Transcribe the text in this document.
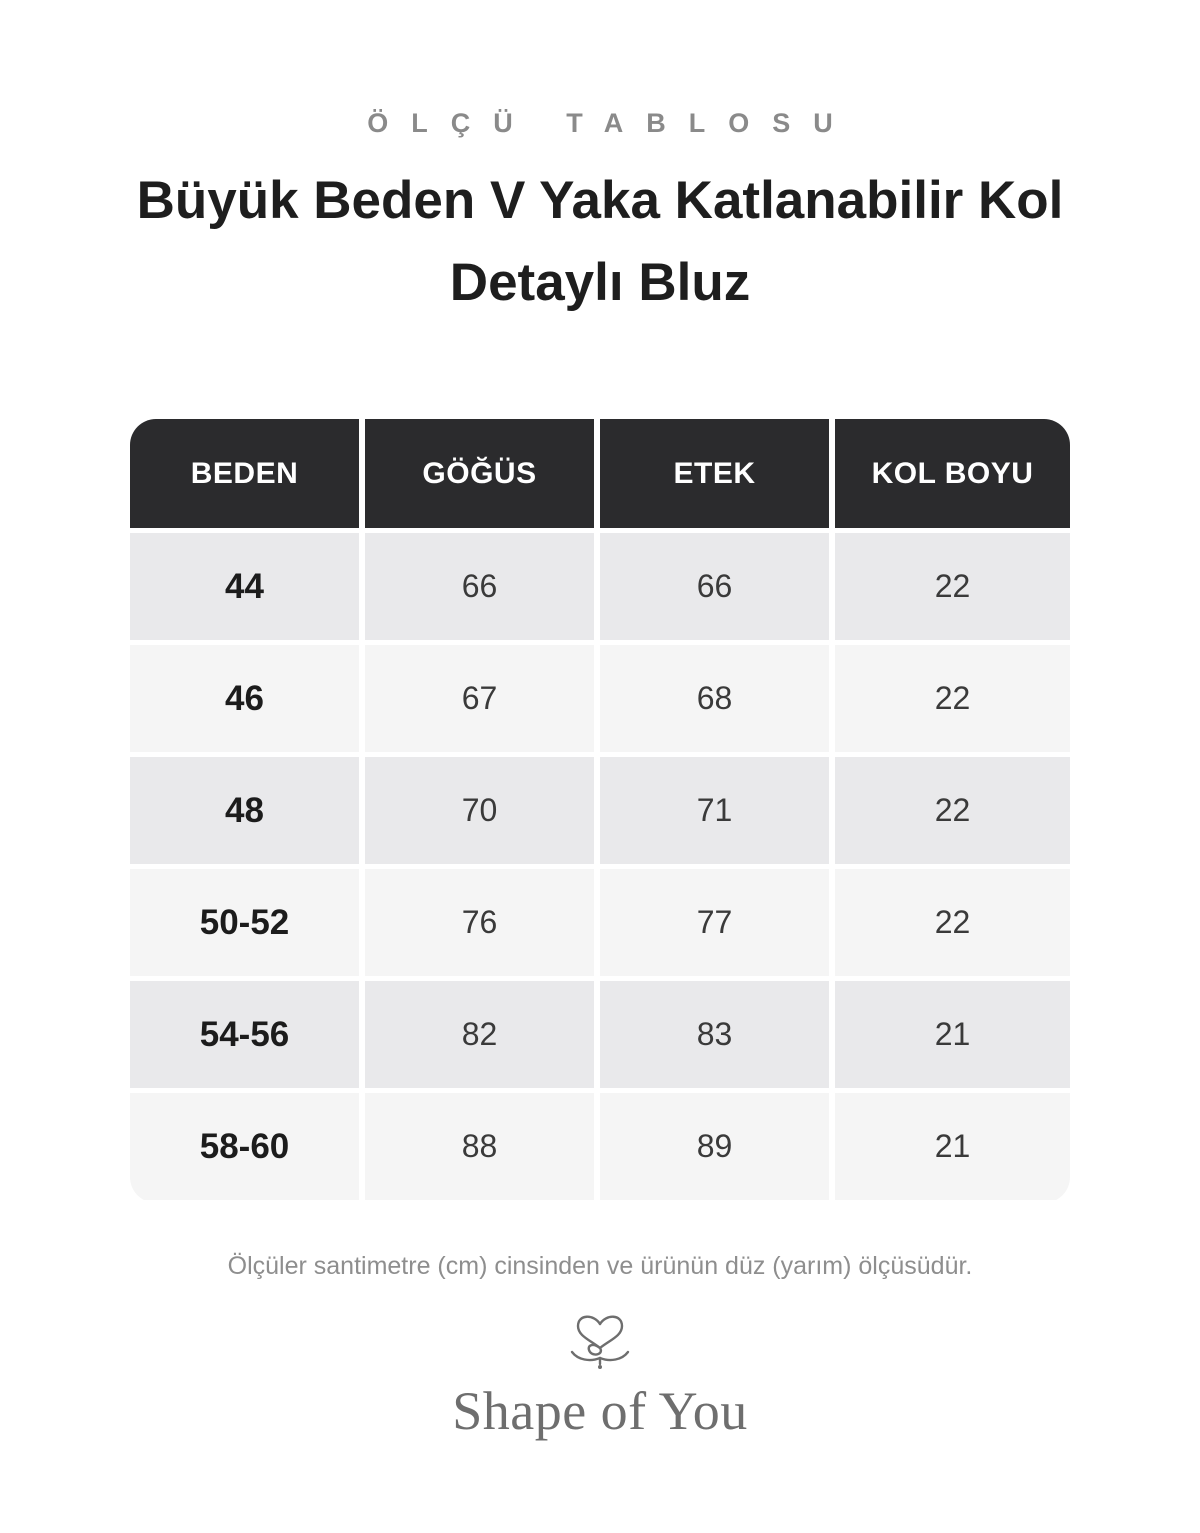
ÖLÇÜ TABLOSU
Büyük Beden V Yaka Katlanabilir Kol Detaylı Bluz
BEDEN	GÖĞÜS	ETEK	KOL BOYU
44	66	66	22
46	67	68	22
48	70	71	22
50-52	76	77	22
54-56	82	83	21
58-60	88	89	21
Ölçüler santimetre (cm) cinsinden ve ürünün düz (yarım) ölçüsüdür.
Shape of You
